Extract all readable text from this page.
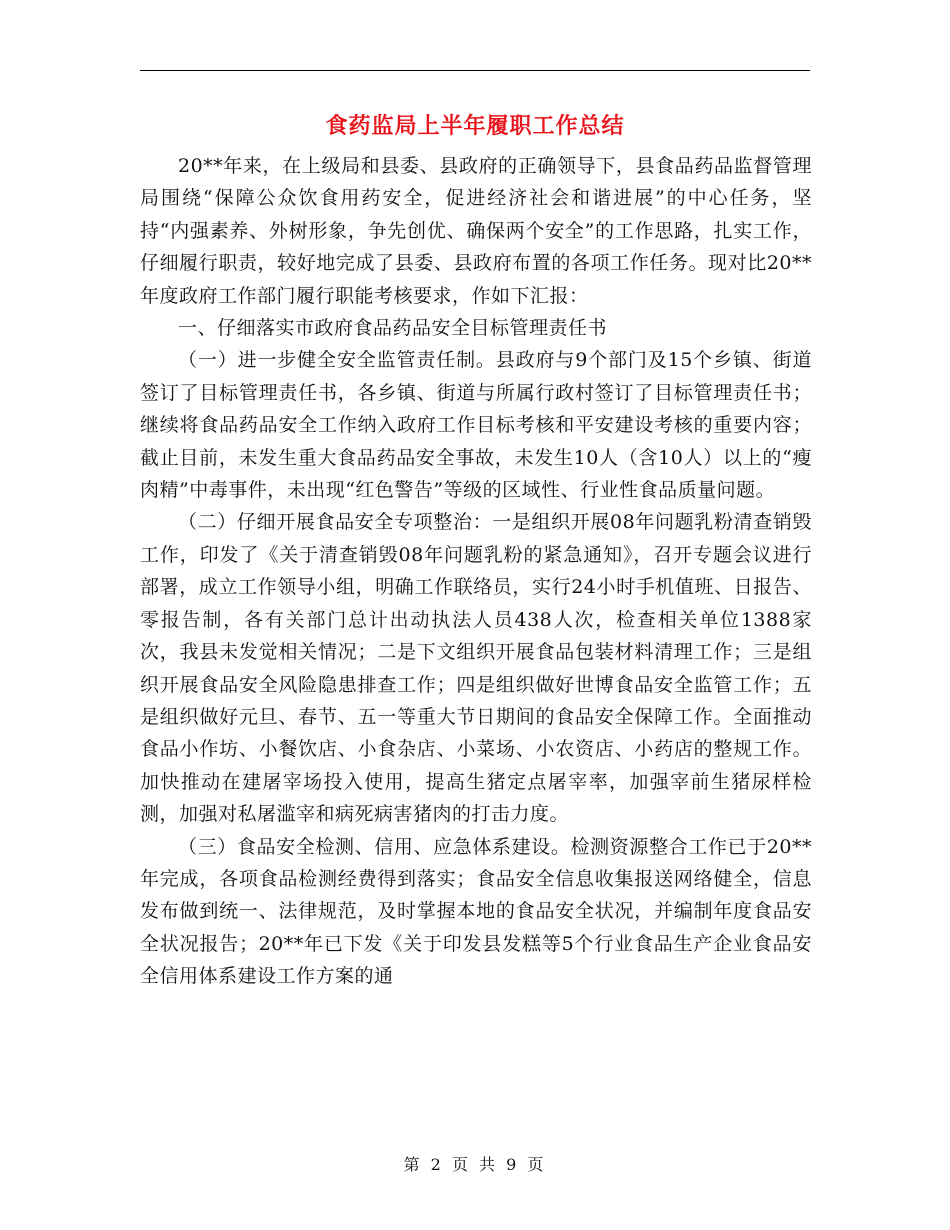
食药监局上半年履职工作总结

20**年来，在上级局和县委、县政府的正确领导下，县食品药品监督管理局围绕“保障公众饮食用药安全，促进经济社会和谐进展”的中心任务，坚持“内强素养、外树形象，争先创优、确保两个安全”的工作思路，扎实工作，仔细履行职责，较好地完成了县委、县政府布置的各项工作任务。现对比20**年度政府工作部门履行职能考核要求，作如下汇报：

一、仔细落实市政府食品药品安全目标管理责任书

（一）进一步健全安全监管责任制。县政府与9个部门及15个乡镇、街道签订了目标管理责任书，各乡镇、街道与所属行政村签订了目标管理责任书；继续将食品药品安全工作纳入政府工作目标考核和平安建设考核的重要内容；截止目前，未发生重大食品药品安全事故，未发生10人（含10人）以上的“瘦肉精”中毒事件，未出现“红色警告”等级的区域性、行业性食品质量问题。

（二）仔细开展食品安全专项整治：一是组织开展08年问题乳粉清查销毁工作，印发了《关于清查销毁08年问题乳粉的紧急通知》，召开专题会议进行部署，成立工作领导小组，明确工作联络员，实行24小时手机值班、日报告、零报告制，各有关部门总计出动执法人员438人次，检查相关单位1388家次，我县未发觉相关情况；二是下文组织开展食品包装材料清理工作；三是组织开展食品安全风险隐患排查工作；四是组织做好世博食品安全监管工作；五是组织做好元旦、春节、五一等重大节日期间的食品安全保障工作。全面推动食品小作坊、小餐饮店、小食杂店、小菜场、小农资店、小药店的整规工作。加快推动在建屠宰场投入使用，提高生猪定点屠宰率，加强宰前生猪尿样检测，加强对私屠滥宰和病死病害猪肉的打击力度。

（三）食品安全检测、信用、应急体系建设。检测资源整合工作已于20**年完成，各项食品检测经费得到落实；食品安全信息收集报送网络健全，信息发布做到统一、法律规范，及时掌握本地的食品安全状况，并编制年度食品安全状况报告；20**年已下发《关于印发县发糕等5个行业食品生产企业食品安全信用体系建设工作方案的通

第 2 页 共 9 页
